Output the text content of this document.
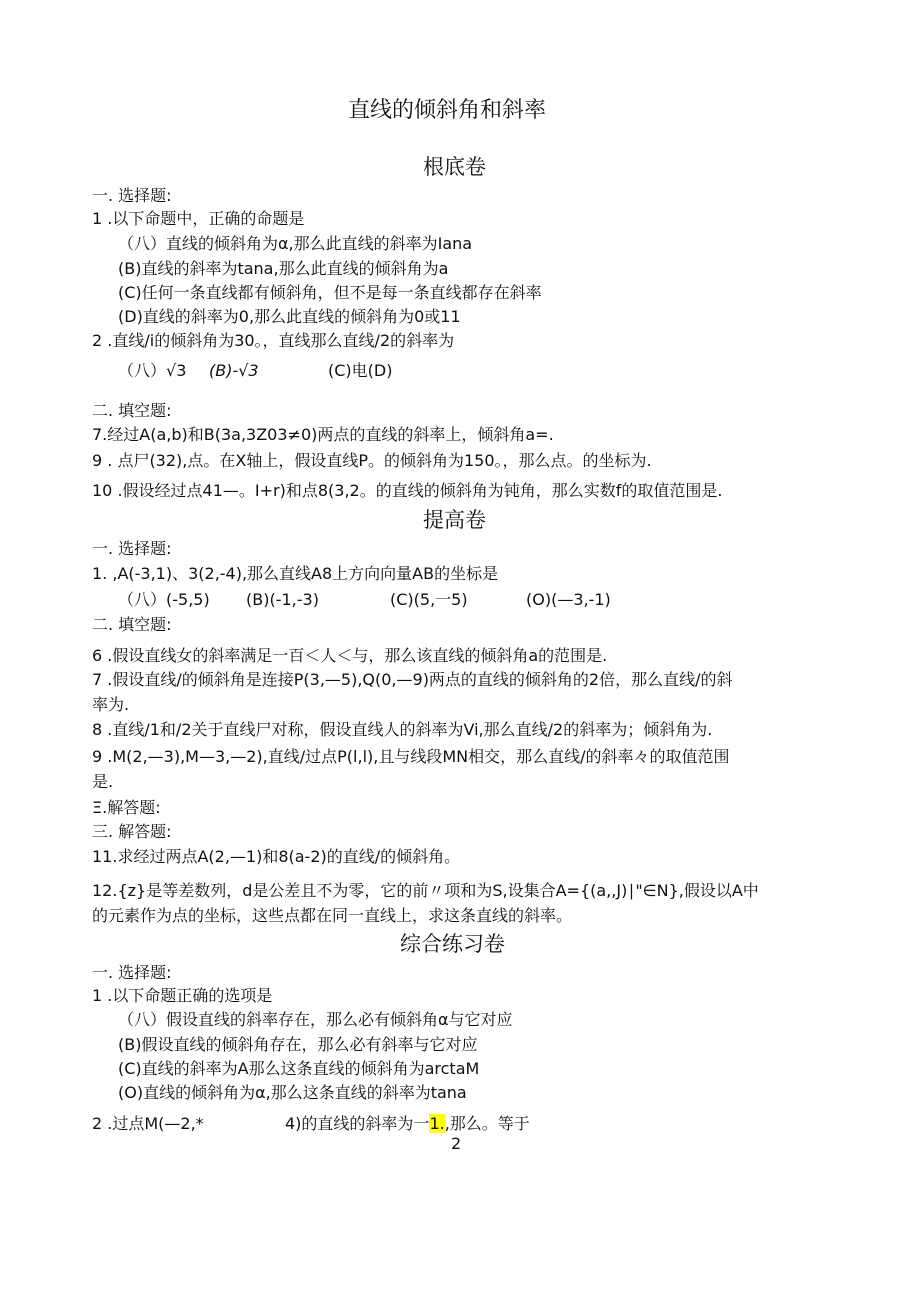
直线的倾斜角和斜率
根底卷
一. 选择题:
1 .以下命题中，正确的命题是
（八）直线的倾斜角为α,那么此直线的斜率为Iana
(B)直线的斜率为tana,那么此直线的倾斜角为a
(C)任何一条直线都有倾斜角，但不是每一条直线都存在斜率
(D)直线的斜率为0,那么此直线的倾斜角为0或11
2 .直线/i的倾斜角为30。，直线那么直线/2的斜率为
（八）√3 (B)-√3	(C)电(D)
二. 填空题:
7.经过A(a,b)和B(3a,3Z03≠0)两点的直线的斜率上，倾斜角a=.
9 . 点尸(32),点。在X轴上，假设直线P。的倾斜角为150。，那么点。的坐标为.
10 .假设经过点41—。I+r)和点8(3,2。的直线的倾斜角为钝角，那么实数f的取值范围是.
提高卷
一. 选择题:
1. ,A(-3,1)、3(2,-4),那么直线A8上方向向量AB的坐标是
（八）(-5,5) (B)(-1,-3)	(C)(5,一5)	(O)(—3,-1)
二. 填空题:
6 .假设直线女的斜率满足一百＜人＜与，那么该直线的倾斜角a的范围是.
7 .假设直线/的倾斜角是连接P(3,—5),Q(0,—9)两点的直线的倾斜角的2倍，那么直线/的斜
率为.
8 .直线/1和/2关于直线尸对称，假设直线人的斜率为Vi,那么直线/2的斜率为；倾斜角为.
9 .M(2,—3),M—3,—2),直线/过点P(l,l),且与线段MN相交，那么直线/的斜率々的取值范围
是.
Ξ.解答题:
三. 解答题:
11.求经过两点A(2,—1)和8(a-2)的直线/的倾斜角。
12.{z}是等差数列，d是公差且不为零，它的前〃项和为S,设集合A={(a,,J)∣"∈N},假设以A中
的元素作为点的坐标，这些点都在同一直线上，求这条直线的斜率。
综合练习卷
一. 选择题:
1 .以下命题正确的选项是
（八）假设直线的斜率存在，那么必有倾斜角α与它对应
(B)假设直线的倾斜角存在，那么必有斜率与它对应
(C)直线的斜率为A那么这条直线的倾斜角为arctaM
(O)直线的倾斜角为α,那么这条直线的斜率为tana
2 .过点M(—2,*	4)的直线的斜率为一1.,那么。等于
2
